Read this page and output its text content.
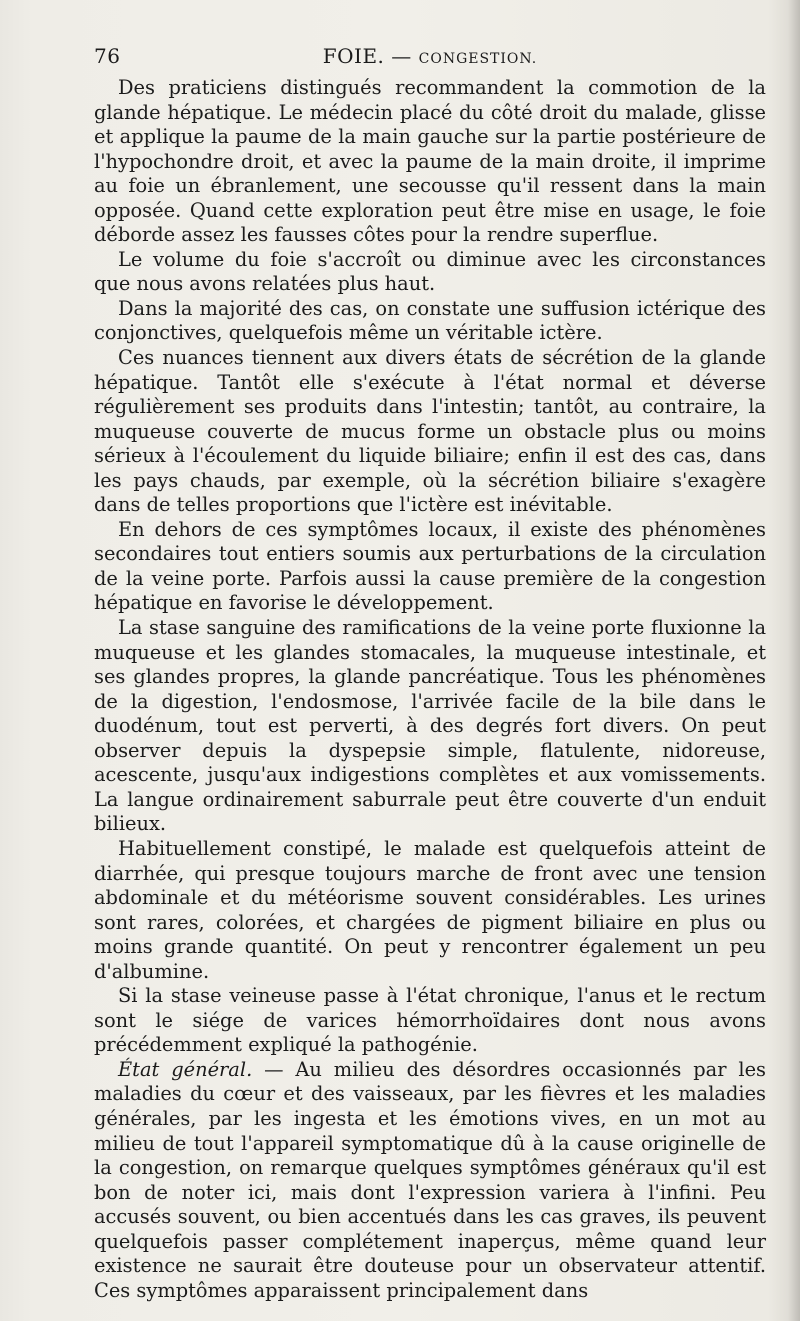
76	FOIE. — CONGESTION.

Des praticiens distingués recommandent la commotion de la glande hépatique. Le médecin placé du côté droit du malade, glisse et applique la paume de la main gauche sur la partie postérieure de l'hypochondre droit, et avec la paume de la main droite, il imprime au foie un ébranlement, une secousse qu'il ressent dans la main opposée. Quand cette exploration peut être mise en usage, le foie déborde assez les fausses côtes pour la rendre superflue.

Le volume du foie s'accroît ou diminue avec les circonstances que nous avons relatées plus haut.

Dans la majorité des cas, on constate une suffusion ictérique des conjonctives, quelquefois même un véritable ictère.

Ces nuances tiennent aux divers états de sécrétion de la glande hépatique. Tantôt elle s'exécute à l'état normal et déverse régulièrement ses produits dans l'intestin; tantôt, au contraire, la muqueuse couverte de mucus forme un obstacle plus ou moins sérieux à l'écoulement du liquide biliaire; enfin il est des cas, dans les pays chauds, par exemple, où la sécrétion biliaire s'exagère dans de telles proportions que l'ictère est inévitable.

En dehors de ces symptômes locaux, il existe des phénomènes secondaires tout entiers soumis aux perturbations de la circulation de la veine porte. Parfois aussi la cause première de la congestion hépatique en favorise le développement.

La stase sanguine des ramifications de la veine porte fluxionne la muqueuse et les glandes stomacales, la muqueuse intestinale, et ses glandes propres, la glande pancréatique. Tous les phénomènes de la digestion, l'endosmose, l'arrivée facile de la bile dans le duodénum, tout est perverti, à des degrés fort divers. On peut observer depuis la dyspepsie simple, flatulente, nidoreuse, acescente, jusqu'aux indigestions complètes et aux vomissements. La langue ordinairement saburrale peut être couverte d'un enduit bilieux.

Habituellement constipé, le malade est quelquefois atteint de diarrhée, qui presque toujours marche de front avec une tension abdominale et du météorisme souvent considérables. Les urines sont rares, colorées, et chargées de pigment biliaire en plus ou moins grande quantité. On peut y rencontrer également un peu d'albumine.

Si la stase veineuse passe à l'état chronique, l'anus et le rectum sont le siége de varices hémorrhoïdaires dont nous avons précédemment expliqué la pathogénie.

État général. — Au milieu des désordres occasionnés par les maladies du cœur et des vaisseaux, par les fièvres et les maladies générales, par les ingesta et les émotions vives, en un mot au milieu de tout l'appareil symptomatique dû à la cause originelle de la congestion, on remarque quelques symptômes généraux qu'il est bon de noter ici, mais dont l'expression variera à l'infini. Peu accusés souvent, ou bien accentués dans les cas graves, ils peuvent quelquefois passer complétement inaperçus, même quand leur existence ne saurait être douteuse pour un observateur attentif. Ces symptômes apparaissent principalement dans
